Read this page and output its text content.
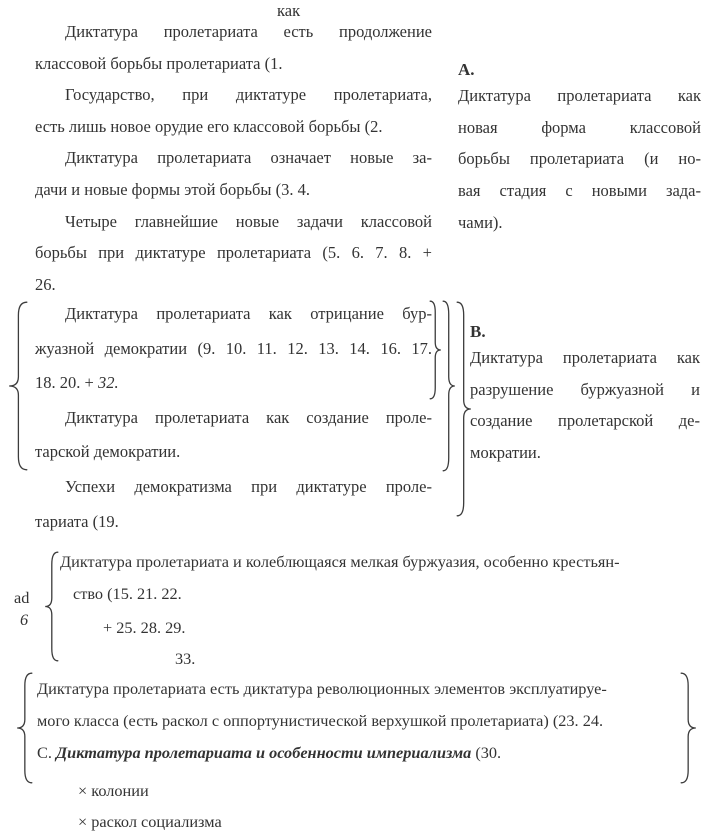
как
Диктатура пролетариата есть продолжение
классовой борьбы пролетариата (1.
Государство, при диктатуре пролетариата,
есть лишь новое орудие его классовой борьбы (2.
Диктатура пролетариата означает новые за-
дачи и новые формы этой борьбы (3. 4.
Четыре главнейшие новые задачи классовой
борьбы при диктатуре пролетариата (5. 6. 7. 8. +
26.
А.
Диктатура пролетариата как
новая форма классовой
борьбы пролетариата (и но-
вая стадия с новыми зада-
чами).
Диктатура пролетариата как отрицание бур-
жуазной демократии (9. 10. 11. 12. 13. 14. 16. 17.
18. 20. + 32.
Диктатура пролетариата как создание проле-
тарской демократии.
Успехи демократизма при диктатуре проле-
тариата (19.
В.
Диктатура пролетариата как
разрушение буржуазной и
создание пролетарской де-
мократии.
ad
6
Диктатура пролетариата и колеблющаяся мелкая буржуазия, особенно крестьян-
ство (15. 21. 22.
+ 25. 28. 29.
33.
Диктатура пролетариата есть диктатура революционных элементов эксплуатируе-
мого класса (есть раскол с оппортунистической верхушкой пролетариата) (23. 24.
С. Диктатура пролетариата и особенности империализма (30.
× колонии
× раскол социализма
